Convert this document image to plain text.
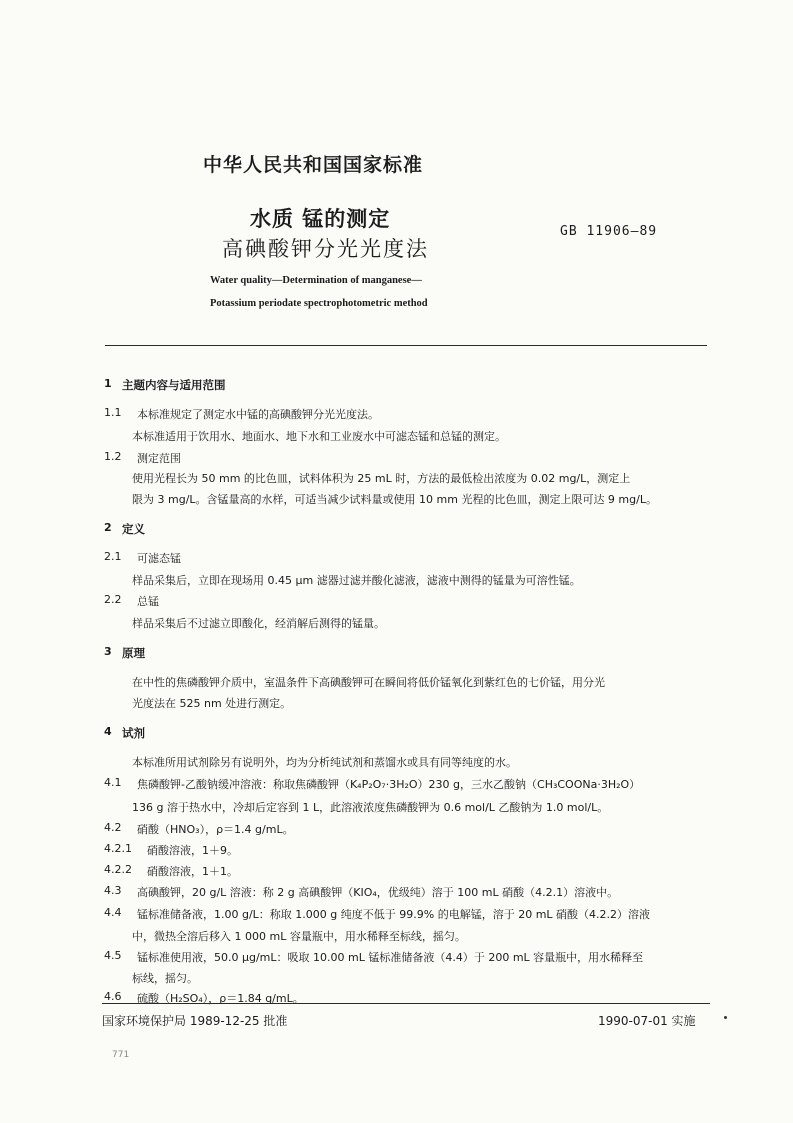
中华人民共和国国家标准

水质 锰的测定

高碘酸钾分光光度法

GB 11906—89

Water quality—Determination of manganese—

Potassium periodate spectrophotometric method

1 主题内容与适用范围

1.1 本标准规定了测定水中锰的高碘酸钾分光光度法。

本标准适用于饮用水、地面水、地下水和工业废水中可滤态锰和总锰的测定。

1.2 测定范围

使用光程长为 50 mm 的比色皿，试料体积为 25 mL 时，方法的最低检出浓度为 0.02 mg/L，测定上

限为 3 mg/L。含锰量高的水样，可适当减少试料量或使用 10 mm 光程的比色皿，测定上限可达 9 mg/L。

2 定义

2.1 可滤态锰

样品采集后，立即在现场用 0.45 μm 滤器过滤并酸化滤液，滤液中测得的锰量为可溶性锰。

2.2 总锰

样品采集后不过滤立即酸化，经消解后测得的锰量。

3 原理

在中性的焦磷酸钾介质中，室温条件下高碘酸钾可在瞬间将低价锰氧化到紫红色的七价锰，用分光

光度法在 525 nm 处进行测定。

4 试剂

本标准所用试剂除另有说明外，均为分析纯试剂和蒸馏水或具有同等纯度的水。

4.1 焦磷酸钾-乙酸钠缓冲溶液：称取焦磷酸钾（K₄P₂O₇·3H₂O）230 g，三水乙酸钠（CH₃COONa·3H₂O）

136 g 溶于热水中，冷却后定容到 1 L，此溶液浓度焦磷酸钾为 0.6 mol/L 乙酸钠为 1.0 mol/L。

4.2 硝酸（HNO₃），ρ＝1.4 g/mL。

4.2.1 硝酸溶液，1＋9。

4.2.2 硝酸溶液，1＋1。

4.3 高碘酸钾，20 g/L 溶液：称 2 g 高碘酸钾（KIO₄，优级纯）溶于 100 mL 硝酸（4.2.1）溶液中。

4.4 锰标准储备液，1.00 g/L：称取 1.000 g 纯度不低于 99.9% 的电解锰，溶于 20 mL 硝酸（4.2.2）溶液

中，微热全溶后移入 1 000 mL 容量瓶中，用水稀释至标线，摇匀。

4.5 锰标准使用液，50.0 μg/mL：吸取 10.00 mL 锰标准储备液（4.4）于 200 mL 容量瓶中，用水稀释至

标线，摇匀。

4.6 硫酸（H₂SO₄），ρ＝1.84 g/mL。

国家环境保护局 1989-12-25 批准	1990-07-01 实施

771
